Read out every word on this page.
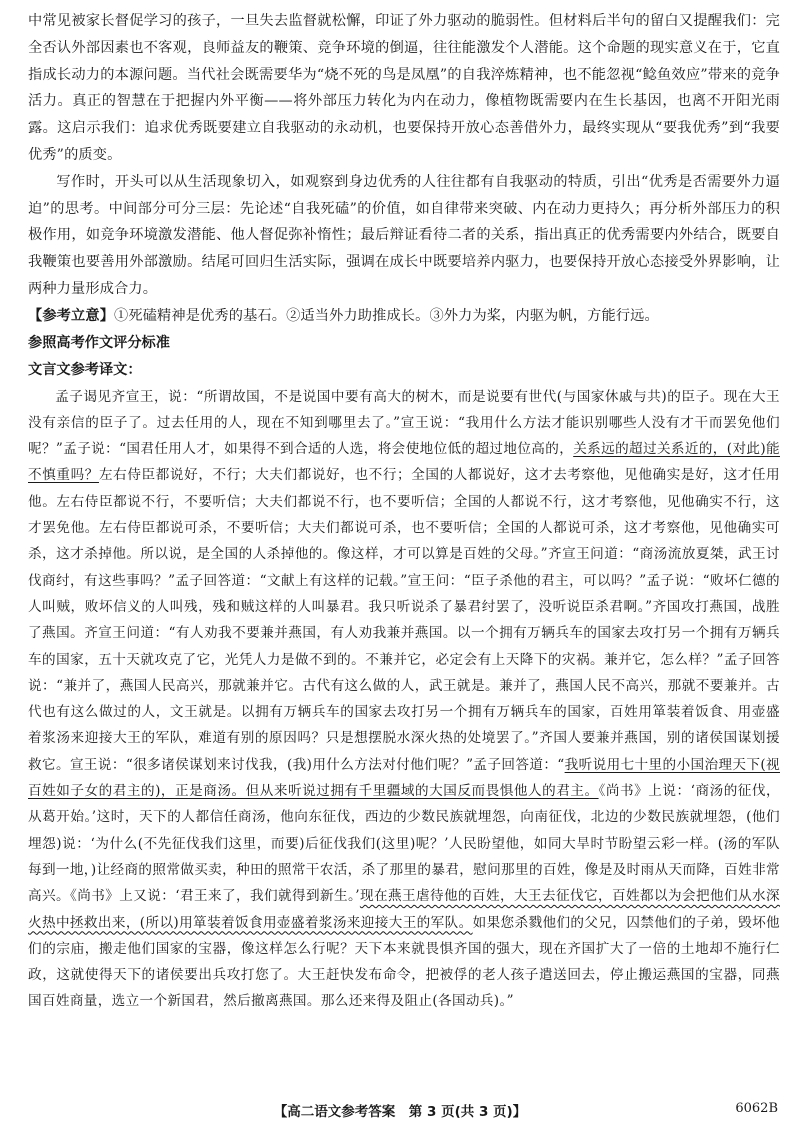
中常见被家长督促学习的孩子，一旦失去监督就松懈，印证了外力驱动的脆弱性。但材料后半句的留白又提醒我们：完全否认外部因素也不客观，良师益友的鞭策、竞争环境的倒逼，往往能激发个人潜能。这个命题的现实意义在于，它直指成长动力的本源问题。当代社会既需要华为“烧不死的鸟是凤凰”的自我淬炼精神，也不能忽视“鲶鱼效应”带来的竞争活力。真正的智慧在于把握内外平衡——将外部压力转化为内在动力，像植物既需要内在生长基因，也离不开阳光雨露。这启示我们：追求优秀既要建立自我驱动的永动机，也要保持开放心态善借外力，最终实现从“要我优秀”到“我要优秀”的质变。

写作时，开头可以从生活现象切入，如观察到身边优秀的人往往都有自我驱动的特质，引出“优秀是否需要外力逼迫”的思考。中间部分可分三层：先论述“自我死磕”的价值，如自律带来突破、内在动力更持久；再分析外部压力的积极作用，如竞争环境激发潜能、他人督促弥补惰性；最后辩证看待二者的关系，指出真正的优秀需要内外结合，既要自我鞭策也要善用外部激励。结尾可回归生活实际，强调在成长中既要培养内驱力，也要保持开放心态接受外界影响，让两种力量形成合力。

【参考立意】①死磕精神是优秀的基石。②适当外力助推成长。③外力为桨，内驱为帆，方能行远。

参照高考作文评分标准

文言文参考译文：

孟子谒见齐宣王，说：“所谓故国，不是说国中要有高大的树木，而是说要有世代(与国家休戚与共)的臣子。现在大王没有亲信的臣子了。过去任用的人，现在不知到哪里去了。”宣王说：“我用什么方法才能识别哪些人没有才干而罢免他们呢？”孟子说：“国君任用人才，如果得不到合适的人选，将会使地位低的超过地位高的，关系远的超过关系近的，(对此)能不慎重吗？左右侍臣都说好，不行；大夫们都说好，也不行；全国的人都说好，这才去考察他，见他确实是好，这才任用他。左右侍臣都说不行，不要听信；大夫们都说不行，也不要听信；全国的人都说不行，这才考察他，见他确实不行，这才罢免他。左右侍臣都说可杀，不要听信；大夫们都说可杀，也不要听信；全国的人都说可杀，这才考察他，见他确实可杀，这才杀掉他。所以说，是全国的人杀掉他的。像这样，才可以算是百姓的父母。”齐宣王问道：“商汤流放夏桀，武王讨伐商纣，有这些事吗？”孟子回答道：“文献上有这样的记载。”宣王问：“臣子杀他的君主，可以吗？”孟子说：“败坏仁德的人叫贼，败坏信义的人叫残，残和贼这样的人叫暴君。我只听说杀了暴君纣罢了，没听说臣杀君啊。”齐国攻打燕国，战胜了燕国。齐宣王问道：“有人劝我不要兼并燕国，有人劝我兼并燕国。以一个拥有万辆兵车的国家去攻打另一个拥有万辆兵车的国家，五十天就攻克了它，光凭人力是做不到的。不兼并它，必定会有上天降下的灾祸。兼并它，怎么样？”孟子回答说：“兼并了，燕国人民高兴，那就兼并它。古代有这么做的人，武王就是。兼并了，燕国人民不高兴，那就不要兼并。古代也有这么做过的人，文王就是。以拥有万辆兵车的国家去攻打另一个拥有万辆兵车的国家，百姓用箪装着饭食、用壶盛着浆汤来迎接大王的军队，难道有别的原因吗？只是想摆脱水深火热的处境罢了。”齐国人要兼并燕国，别的诸侯国谋划援救它。宣王说：“很多诸侯谋划来讨伐我，(我)用什么方法对付他们呢？”孟子回答道：“我听说用七十里的小国治理天下(视百姓如子女的君主的)，正是商汤。但从来听说过拥有千里疆域的大国反而畏惧他人的君主。《尚书》上说：‘商汤的征伐，从葛开始。’这时，天下的人都信任商汤，他向东征伐，西边的少数民族就埋怨，向南征伐，北边的少数民族就埋怨，(他们埋怨)说：‘为什么(不先征伐我们这里，而要)后征伐我们(这里)呢？’人民盼望他，如同大旱时节盼望云彩一样。(汤的军队每到一地，)让经商的照常做买卖，种田的照常干农活，杀了那里的暴君，慰问那里的百姓，像是及时雨从天而降，百姓非常高兴。《尚书》上又说：‘君王来了，我们就得到新生。’现在燕王虐待他的百姓，大王去征伐它，百姓都以为会把他们从水深火热中拯救出来，(所以)用箪装着饭食用壶盛着浆汤来迎接大王的军队。如果您杀戮他们的父兄，囚禁他们的子弟，毁坏他们的宗庙，搬走他们国家的宝器，像这样怎么行呢？天下本来就畏惧齐国的强大，现在齐国扩大了一倍的土地却不施行仁政，这就使得天下的诸侯要出兵攻打您了。大王赶快发布命令，把被俘的老人孩子遣送回去，停止搬运燕国的宝器，同燕国百姓商量，选立一个新国君，然后撤离燕国。那么还来得及阻止(各国动兵)。”

【高二语文参考答案　第 3 页(共 3 页)】	6062B
